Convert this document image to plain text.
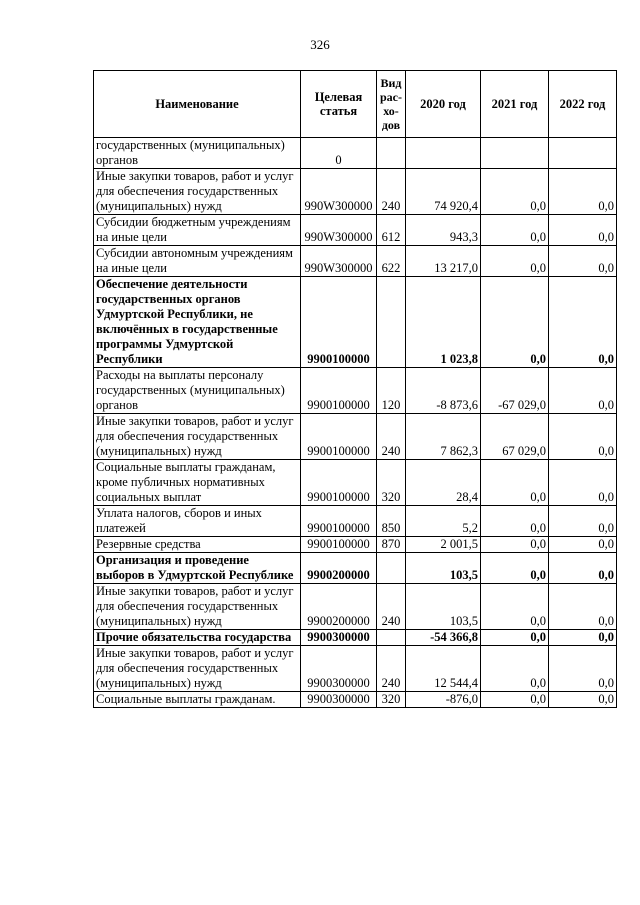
326
Наименование	Целевая статья	Вид рас-хо-дов	2020 год	2021 год	2022 год
государственных (муниципальных) органов	0				
Иные закупки товаров, работ и услуг для обеспечения государственных (муниципальных) нужд	990W300000	240	74 920,4	0,0	0,0
Субсидии бюджетным учреждениям на иные цели	990W300000	612	943,3	0,0	0,0
Субсидии автономным учреждениям на иные цели	990W300000	622	13 217,0	0,0	0,0
Обеспечение деятельности государственных органов Удмуртской Республики, не включённых в государственные программы Удмуртской Республики	9900100000		1 023,8	0,0	0,0
Расходы на выплаты персоналу государственных (муниципальных) органов	9900100000	120	-8 873,6	-67 029,0	0,0
Иные закупки товаров, работ и услуг для обеспечения государственных (муниципальных) нужд	9900100000	240	7 862,3	67 029,0	0,0
Социальные выплаты гражданам, кроме публичных нормативных социальных выплат	9900100000	320	28,4	0,0	0,0
Уплата налогов, сборов и иных платежей	9900100000	850	5,2	0,0	0,0
Резервные средства	9900100000	870	2 001,5	0,0	0,0
Организация и проведение выборов в Удмуртской Республике	9900200000		103,5	0,0	0,0
Иные закупки товаров, работ и услуг для обеспечения государственных (муниципальных) нужд	9900200000	240	103,5	0,0	0,0
Прочие обязательства государства	9900300000		-54 366,8	0,0	0,0
Иные закупки товаров, работ и услуг для обеспечения государственных (муниципальных) нужд	9900300000	240	12 544,4	0,0	0,0
Социальные выплаты гражданам.	9900300000	320	-876,0	0,0	0,0
